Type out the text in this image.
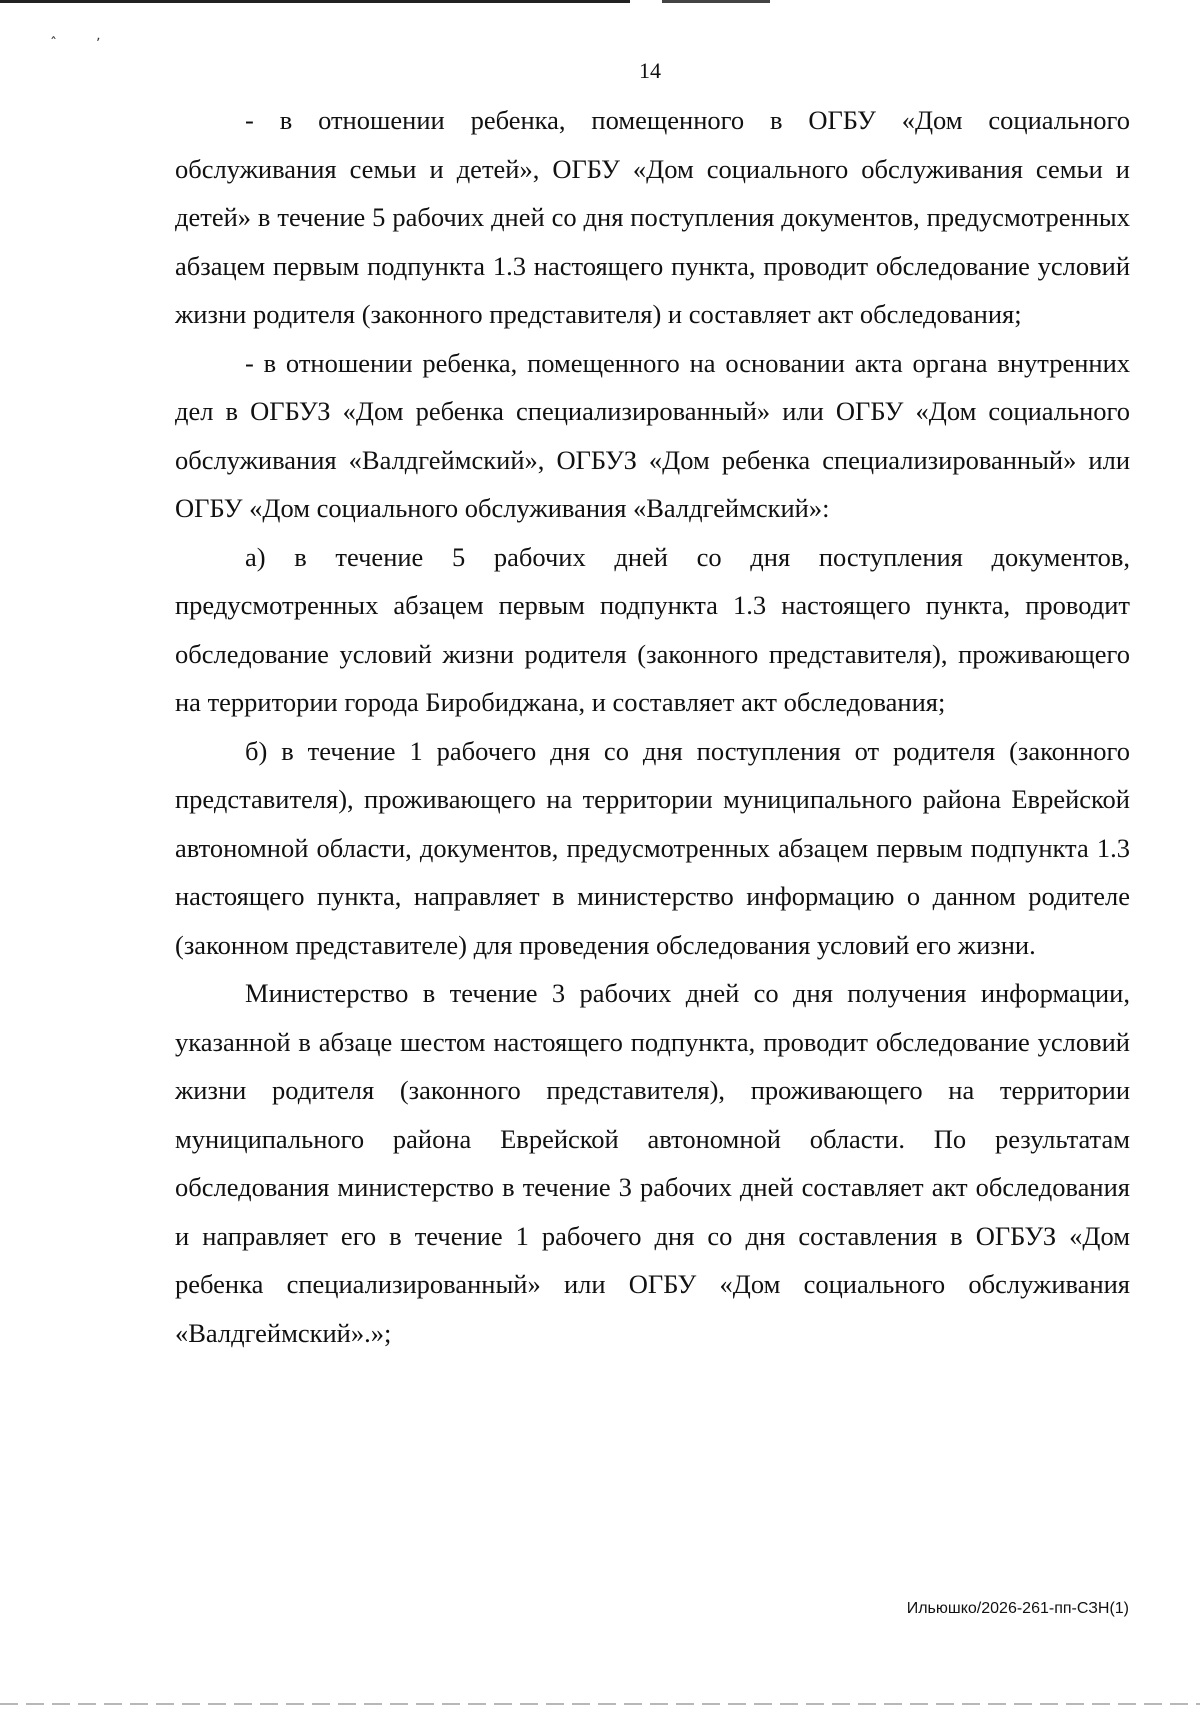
ˆ	ʼ
14

- в отношении ребенка, помещенного в ОГБУ «Дом социального обслуживания семьи и детей», ОГБУ «Дом социального обслуживания семьи и детей» в течение 5 рабочих дней со дня поступления документов, предусмотренных абзацем первым подпункта 1.3 настоящего пункта, проводит обследование условий жизни родителя (законного представителя) и составляет акт обследования;

- в отношении ребенка, помещенного на основании акта органа внутренних дел в ОГБУЗ «Дом ребенка специализированный» или ОГБУ «Дом социального обслуживания «Валдгеймский», ОГБУЗ «Дом ребенка специализированный» или ОГБУ «Дом социального обслуживания «Валдгеймский»:

а) в течение 5 рабочих дней со дня поступления документов, предусмотренных абзацем первым подпункта 1.3 настоящего пункта, проводит обследование условий жизни родителя (законного представителя), проживающего на территории города Биробиджана, и составляет акт обследования;

б) в течение 1 рабочего дня со дня поступления от родителя (законного представителя), проживающего на территории муниципального района Еврейской автономной области, документов, предусмотренных абзацем первым подпункта 1.3 настоящего пункта, направляет в министерство информацию о данном родителе (законном представителе) для проведения обследования условий его жизни.

Министерство в течение 3 рабочих дней со дня получения информации, указанной в абзаце шестом настоящего подпункта, проводит обследование условий жизни родителя (законного представителя), проживающего на территории муниципального района Еврейской автономной области. По результатам обследования министерство в течение 3 рабочих дней составляет акт обследования и направляет его в течение 1 рабочего дня со дня составления в ОГБУЗ «Дом ребенка специализированный» или ОГБУ «Дом социального обслуживания «Валдгеймский».»;

Ильюшко/2026-261-пп-СЗН(1)
